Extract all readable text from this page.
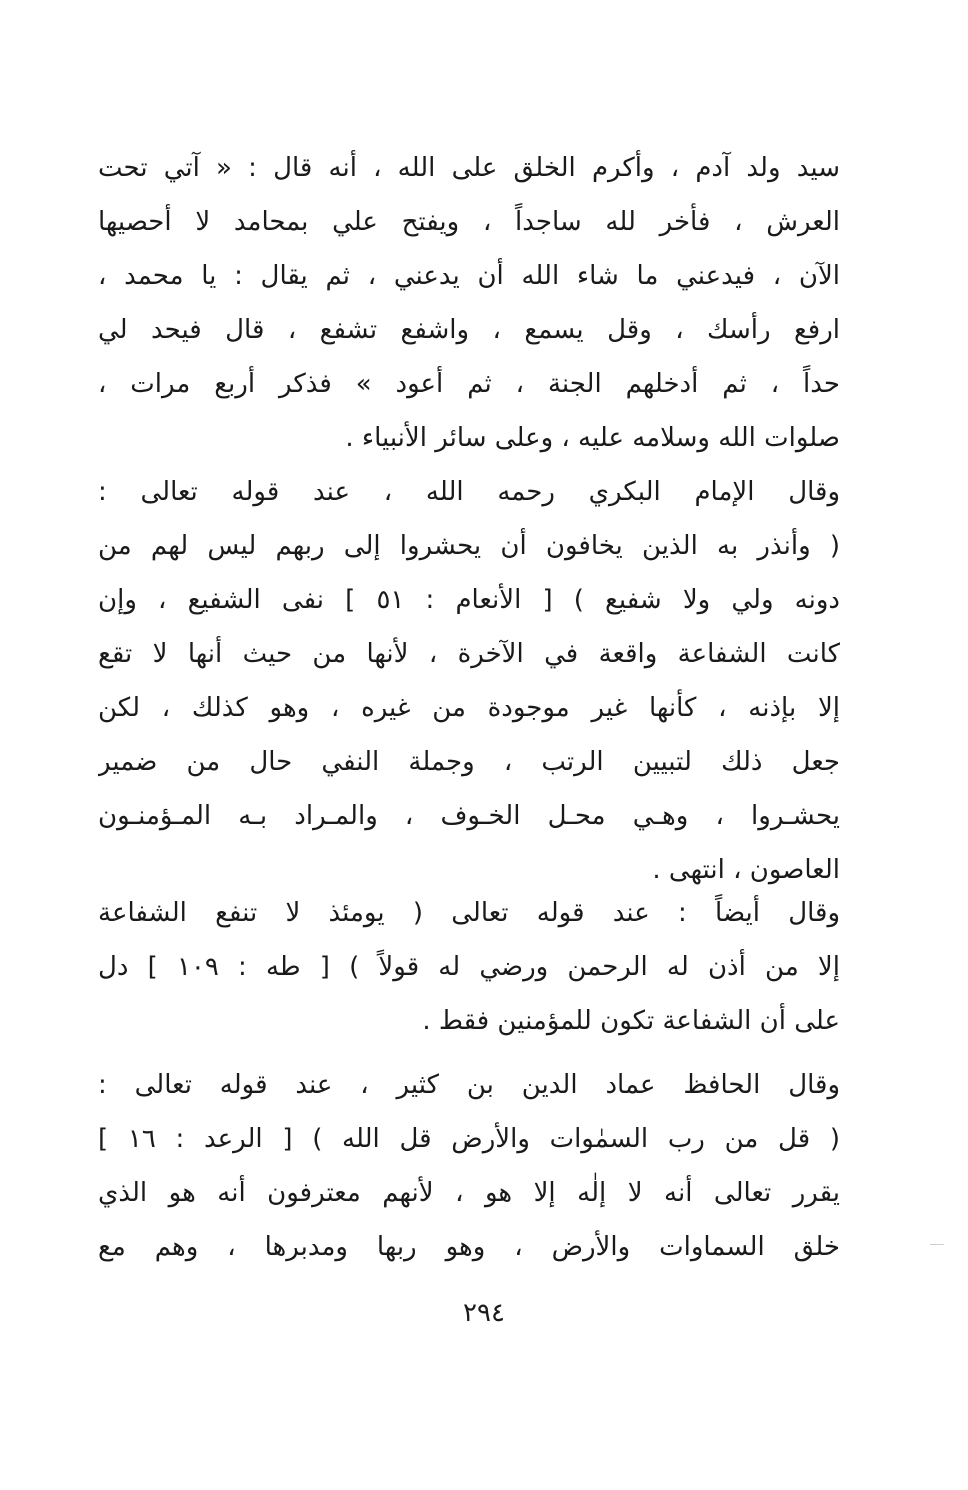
سيد ولد آدم ، وأكرم الخلق على الله ، أنه قال : « آتي تحت
العرش ، فأخر لله ساجداً ، ويفتح علي بمحامد لا أحصيها
الآن ، فيدعني ما شاء الله أن يدعني ، ثم يقال : يا محمد ،
ارفع رأسك ، وقل يسمع ، واشفع تشفع ، قال فيحد لي
حداً ، ثم أدخلهم الجنة ، ثم أعود » فذكر أربع مرات ،
صلوات الله وسلامه عليه ، وعلى سائر الأنبياء .
وقال الإمام البكري رحمه الله ، عند قوله تعالى :
( وأنذر به الذين يخافون أن يحشروا إلى ربهم ليس لهم من
دونه ولي ولا شفيع ) [ الأنعام : ٥١ ] نفى الشفيع ، وإن
كانت الشفاعة واقعة في الآخرة ، لأنها من حيث أنها لا تقع
إلا بإذنه ، كأنها غير موجودة من غيره ، وهو كذلك ، لكن
جعل ذلك لتبيين الرتب ، وجملة النفي حال من ضمير
يحشـروا ، وهـي محـل الخـوف ، والمـراد بـه المـؤمنـون
العاصون ، انتهى .
وقال أيضاً : عند قوله تعالى ( يومئذ لا تنفع الشفاعة
إلا من أذن له الرحمن ورضي له قولاً ) [ طه : ١٠٩ ] دل
على أن الشفاعة تكون للمؤمنين فقط .
وقال الحافظ عماد الدين بن كثير ، عند قوله تعالى :
( قل من رب السمٰوات والأرض قل الله ) [ الرعد : ١٦ ]
يقرر تعالى أنه لا إلٰه إلا هو ، لأنهم معترفون أنه هو الذي
خلق السماوات والأرض ، وهو ربها ومدبرها ، وهم مع
٢٩٤
